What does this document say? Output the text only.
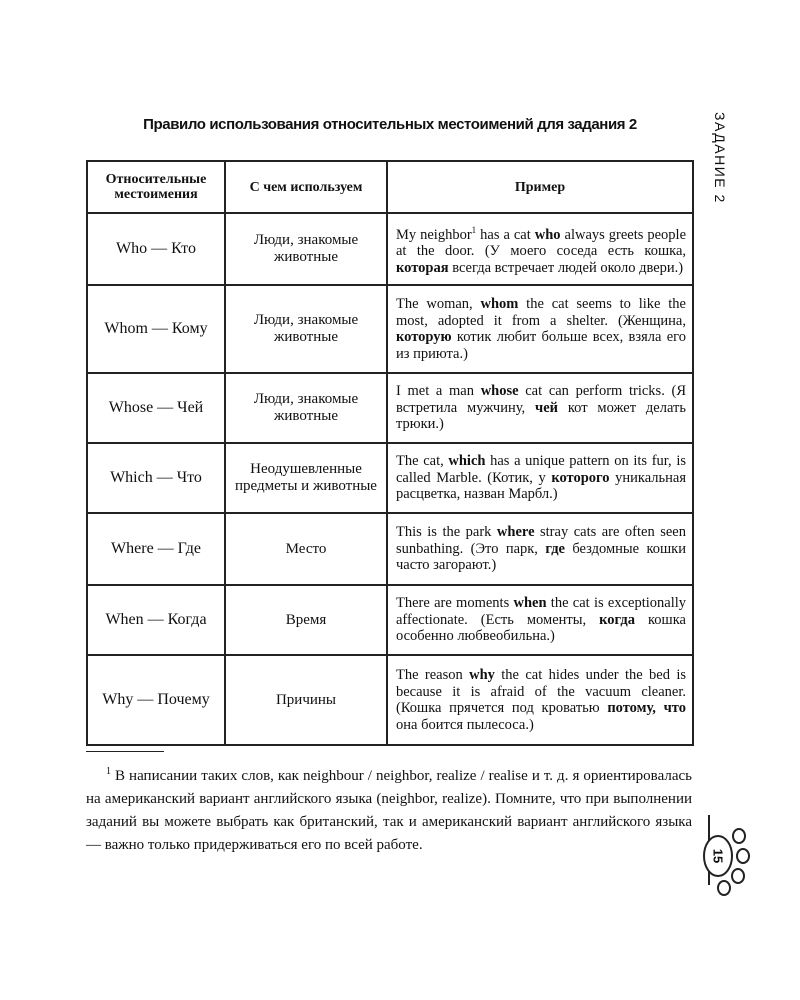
Правило использования относительных местоимений для задания 2
Относительные местоимения	С чем используем	Пример
Who — Кто	Люди, знакомые животные	My neighbor$^1$ has a cat who always greets people at the door. (У моего соседа есть кошка, которая всегда встречает людей около двери.)
Whom — Кому	Люди, знакомые животные	The woman, whom the cat seems to like the most, adopted it from a shelter. (Женщина, которую котик любит больше всех, взяла его из приюта.)
Whose — Чей	Люди, знакомые животные	I met a man whose cat can perform tricks. (Я встретила мужчину, чей кот может делать трюки.)
Which — Что	Неодушевленные предметы и животные	The cat, which has a unique pattern on its fur, is called Marble. (Котик, у которого уникальная расцветка, назван Марбл.)
Where — Где	Место	This is the park where stray cats are often seen sunbathing. (Это парк, где бездомные кошки часто загорают.)
When — Когда	Время	There are moments when the cat is exceptionally affectionate. (Есть моменты, когда кошка особенно любвеобильна.)
Why — Почему	Причины	The reason why the cat hides under the bed is because it is afraid of the vacuum cleaner. (Кошка прячется под кроватью потому, что она боится пылесоса.)
$^1$ В написании таких слов, как neighbour / neighbor, realize / realise и т. д. я ориентировалась на американский вариант английского языка (neighbor, realize). Помните, что при выполнении заданий вы можете выбрать как британский, так и американский вариант английского языка — важно только придерживаться его по всей работе.
ЗАДАНИЕ 2
15
